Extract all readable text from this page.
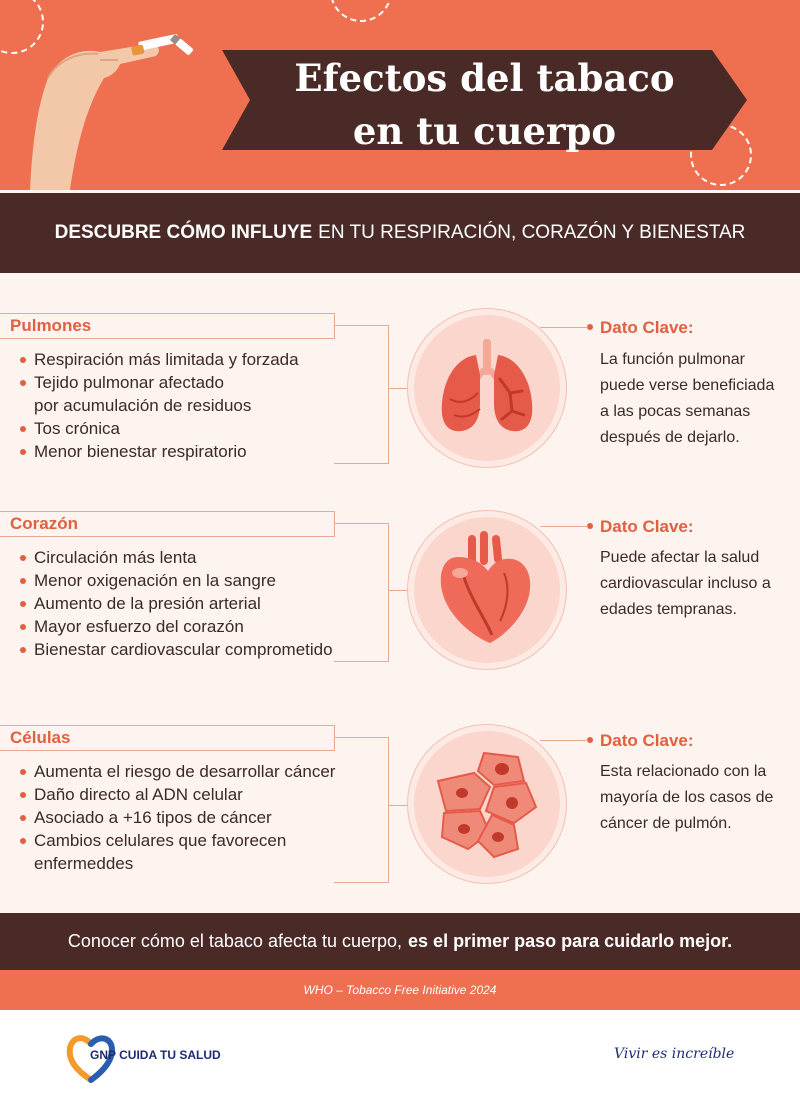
Efectos del tabaco
en tu cuerpo
DESCUBRE CÓMO INFLUYE EN TU RESPIRACIÓN, CORAZÓN Y BIENESTAR
Pulmones
Respiración más limitada y forzada
Tejido pulmonar afectado
por acumulación de residuos
Tos crónica
Menor bienestar respiratorio
Dato Clave:
La función pulmonar puede verse beneficiada a las pocas semanas después de dejarlo.
Corazón
Circulación más lenta
Menor oxigenación en la sangre
Aumento de la presión arterial
Mayor esfuerzo del corazón
Bienestar cardiovascular comprometido
Dato Clave:
Puede afectar la salud cardiovascular incluso a edades tempranas.
Células
Aumenta el riesgo de desarrollar cáncer
Daño directo al ADN celular
Asociado a +16 tipos de cáncer
Cambios celulares que favorecen
enfermeddes
Dato Clave:
Esta relacionado con la mayoría de los casos de cáncer de pulmón.
Conocer cómo el tabaco afecta tu cuerpo, es el primer paso para cuidarlo mejor.
WHO – Tobacco Free Initiative 2024
GNP CUIDA TU SALUD	Vivir es increíble
